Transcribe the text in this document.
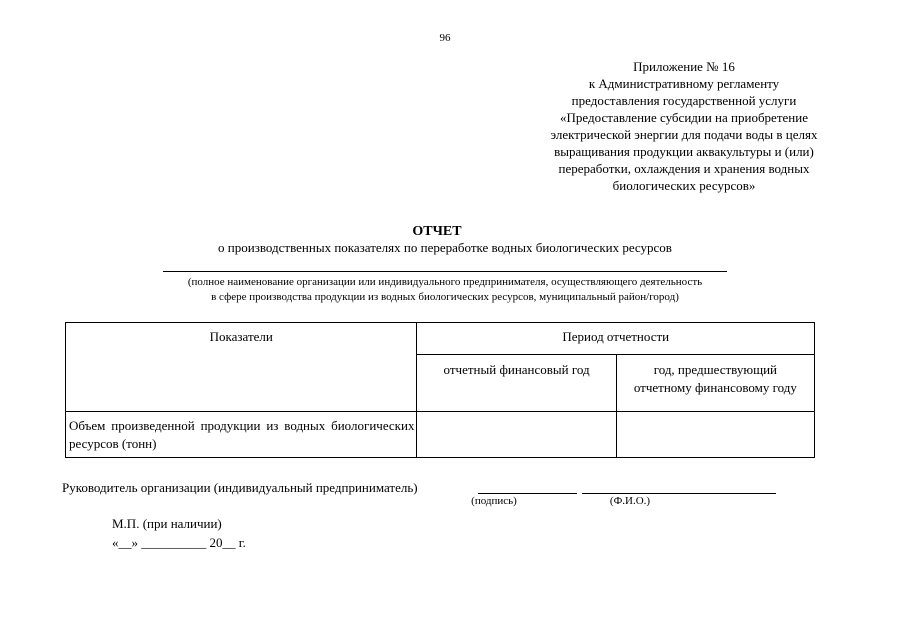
96
Приложение № 16
к Административному регламенту
предоставления государственной услуги
«Предоставление субсидии на приобретение
электрической энергии для подачи воды в целях
выращивания продукции аквакультуры и (или)
переработки, охлаждения и хранения водных
биологических ресурсов»
ОТЧЕТ
о производственных показателях по переработке водных биологических ресурсов
(полное наименование организации или индивидуального предпринимателя, осуществляющего деятельность
в сфере производства продукции из водных биологических ресурсов, муниципальный район/город)
Показатели	Период отчетности	
	отчетный финансовый год	год, предшествующий
отчетному финансовому году

Объем произведенной продукции из водных биологических ресурсов (тонн)		
Руководитель организации (индивидуальный предприниматель)
(подпись)	(Ф.И.О.)
М.П. (при наличии)
«__» __________ 20__ г.
